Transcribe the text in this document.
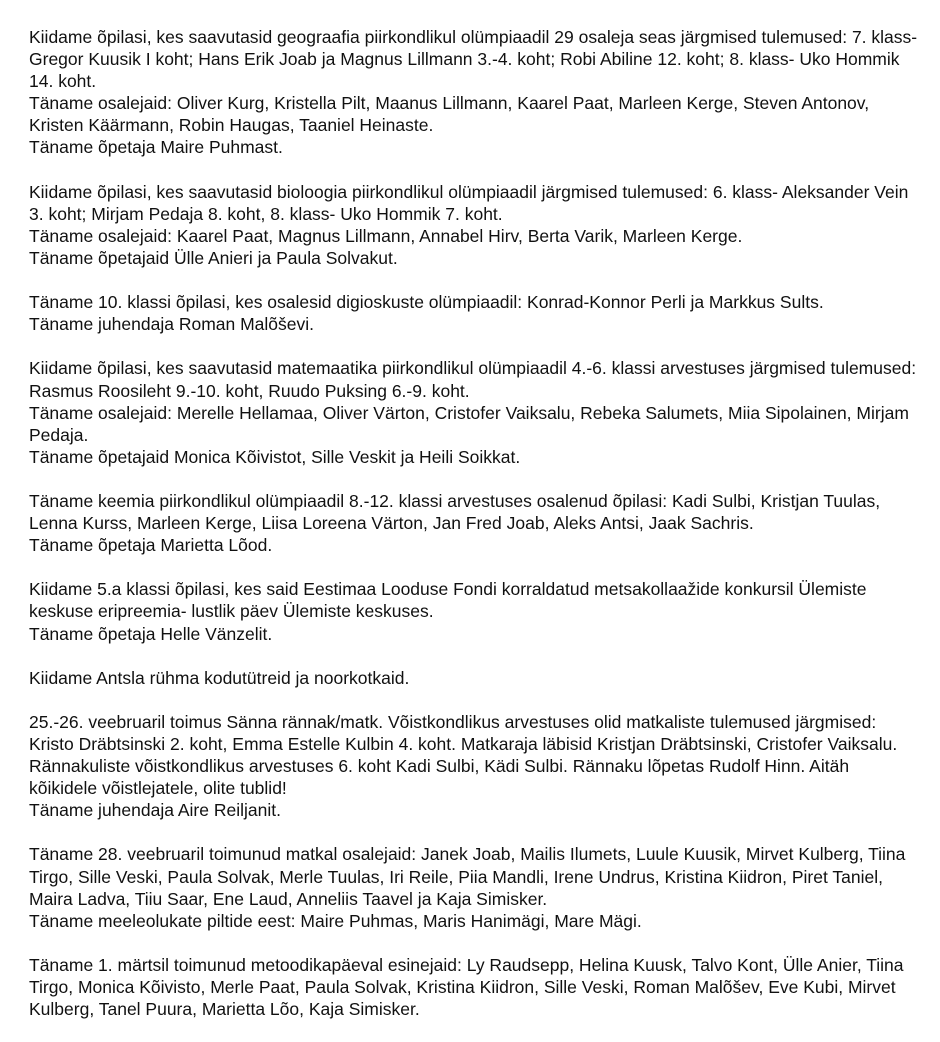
Kiidame õpilasi, kes saavutasid geograafia piirkondlikul olümpiaadil 29 osaleja seas järgmised tulemused: 7. klass- Gregor Kuusik I koht; Hans Erik Joab ja Magnus Lillmann 3.-4. koht; Robi Abiline 12. koht; 8. klass- Uko Hommik 14. koht.
Täname osalejaid: Oliver Kurg, Kristella Pilt, Maanus Lillmann, Kaarel Paat, Marleen Kerge, Steven Antonov, Kristen Käärmann, Robin Haugas, Taaniel Heinaste.
Täname õpetaja Maire Puhmast.
Kiidame õpilasi, kes saavutasid bioloogia piirkondlikul olümpiaadil järgmised tulemused: 6. klass- Aleksander Vein 3. koht; Mirjam Pedaja 8. koht, 8. klass- Uko Hommik 7. koht.
Täname osalejaid: Kaarel Paat, Magnus Lillmann, Annabel Hirv, Berta Varik, Marleen Kerge.
Täname õpetajaid Ülle Anieri ja Paula Solvakut.
Täname 10. klassi õpilasi, kes osalesid digioskuste olümpiaadil: Konrad-Konnor Perli ja Markkus Sults.
Täname juhendaja Roman Malõševi.
Kiidame õpilasi, kes saavutasid matemaatika piirkondlikul olümpiaadil 4.-6. klassi arvestuses järgmised tulemused: Rasmus Roosileht 9.-10. koht, Ruudo Puksing 6.-9. koht.
Täname osalejaid: Merelle Hellamaa, Oliver Värton, Cristofer Vaiksalu, Rebeka Salumets, Miia Sipolainen, Mirjam Pedaja.
Täname õpetajaid Monica Kõivistot, Sille Veskit ja Heili Soikkat.
Täname keemia piirkondlikul olümpiaadil 8.-12. klassi arvestuses osalenud õpilasi: Kadi Sulbi, Kristjan Tuulas, Lenna Kurss, Marleen Kerge, Liisa Loreena Värton, Jan Fred Joab, Aleks Antsi, Jaak Sachris.
Täname õpetaja Marietta Lõod.
Kiidame 5.a klassi õpilasi, kes said Eestimaa Looduse Fondi korraldatud metsakollaažide konkursil Ülemiste keskuse eripreemia- lustlik päev Ülemiste keskuses.
Täname õpetaja Helle Vänzelit.
Kiidame Antsla rühma kodutütreid ja noorkotkaid.
25.-26. veebruaril toimus Sänna rännak/matk. Võistkondlikus arvestuses olid matkaliste tulemused järgmised: Kristo Dräbtsinski 2. koht, Emma Estelle Kulbin 4. koht. Matkaraja läbisid Kristjan Dräbtsinski, Cristofer Vaiksalu. Rännakuliste võistkondlikus arvestuses 6. koht Kadi Sulbi, Kädi Sulbi. Rännaku lõpetas Rudolf Hinn. Aitäh kõikidele võistlejatele, olite tublid!
Täname juhendaja Aire Reiljanit.
Täname 28. veebruaril toimunud matkal osalejaid: Janek Joab, Mailis Ilumets, Luule Kuusik, Mirvet Kulberg, Tiina Tirgo, Sille Veski, Paula Solvak, Merle Tuulas, Iri Reile, Piia Mandli, Irene Undrus, Kristina Kiidron, Piret Taniel, Maira Ladva, Tiiu Saar, Ene Laud, Anneliis Taavel ja Kaja Simisker.
Täname meeleolukate piltide eest: Maire Puhmas, Maris Hanimägi, Mare Mägi.
Täname 1. märtsil toimunud metoodikapäeval esinejaid: Ly Raudsepp, Helina Kuusk, Talvo Kont, Ülle Anier, Tiina Tirgo, Monica Kõivisto, Merle Paat, Paula Solvak, Kristina Kiidron, Sille Veski, Roman Malõšev, Eve Kubi, Mirvet Kulberg, Tanel Puura, Marietta Lõo, Kaja Simisker.
